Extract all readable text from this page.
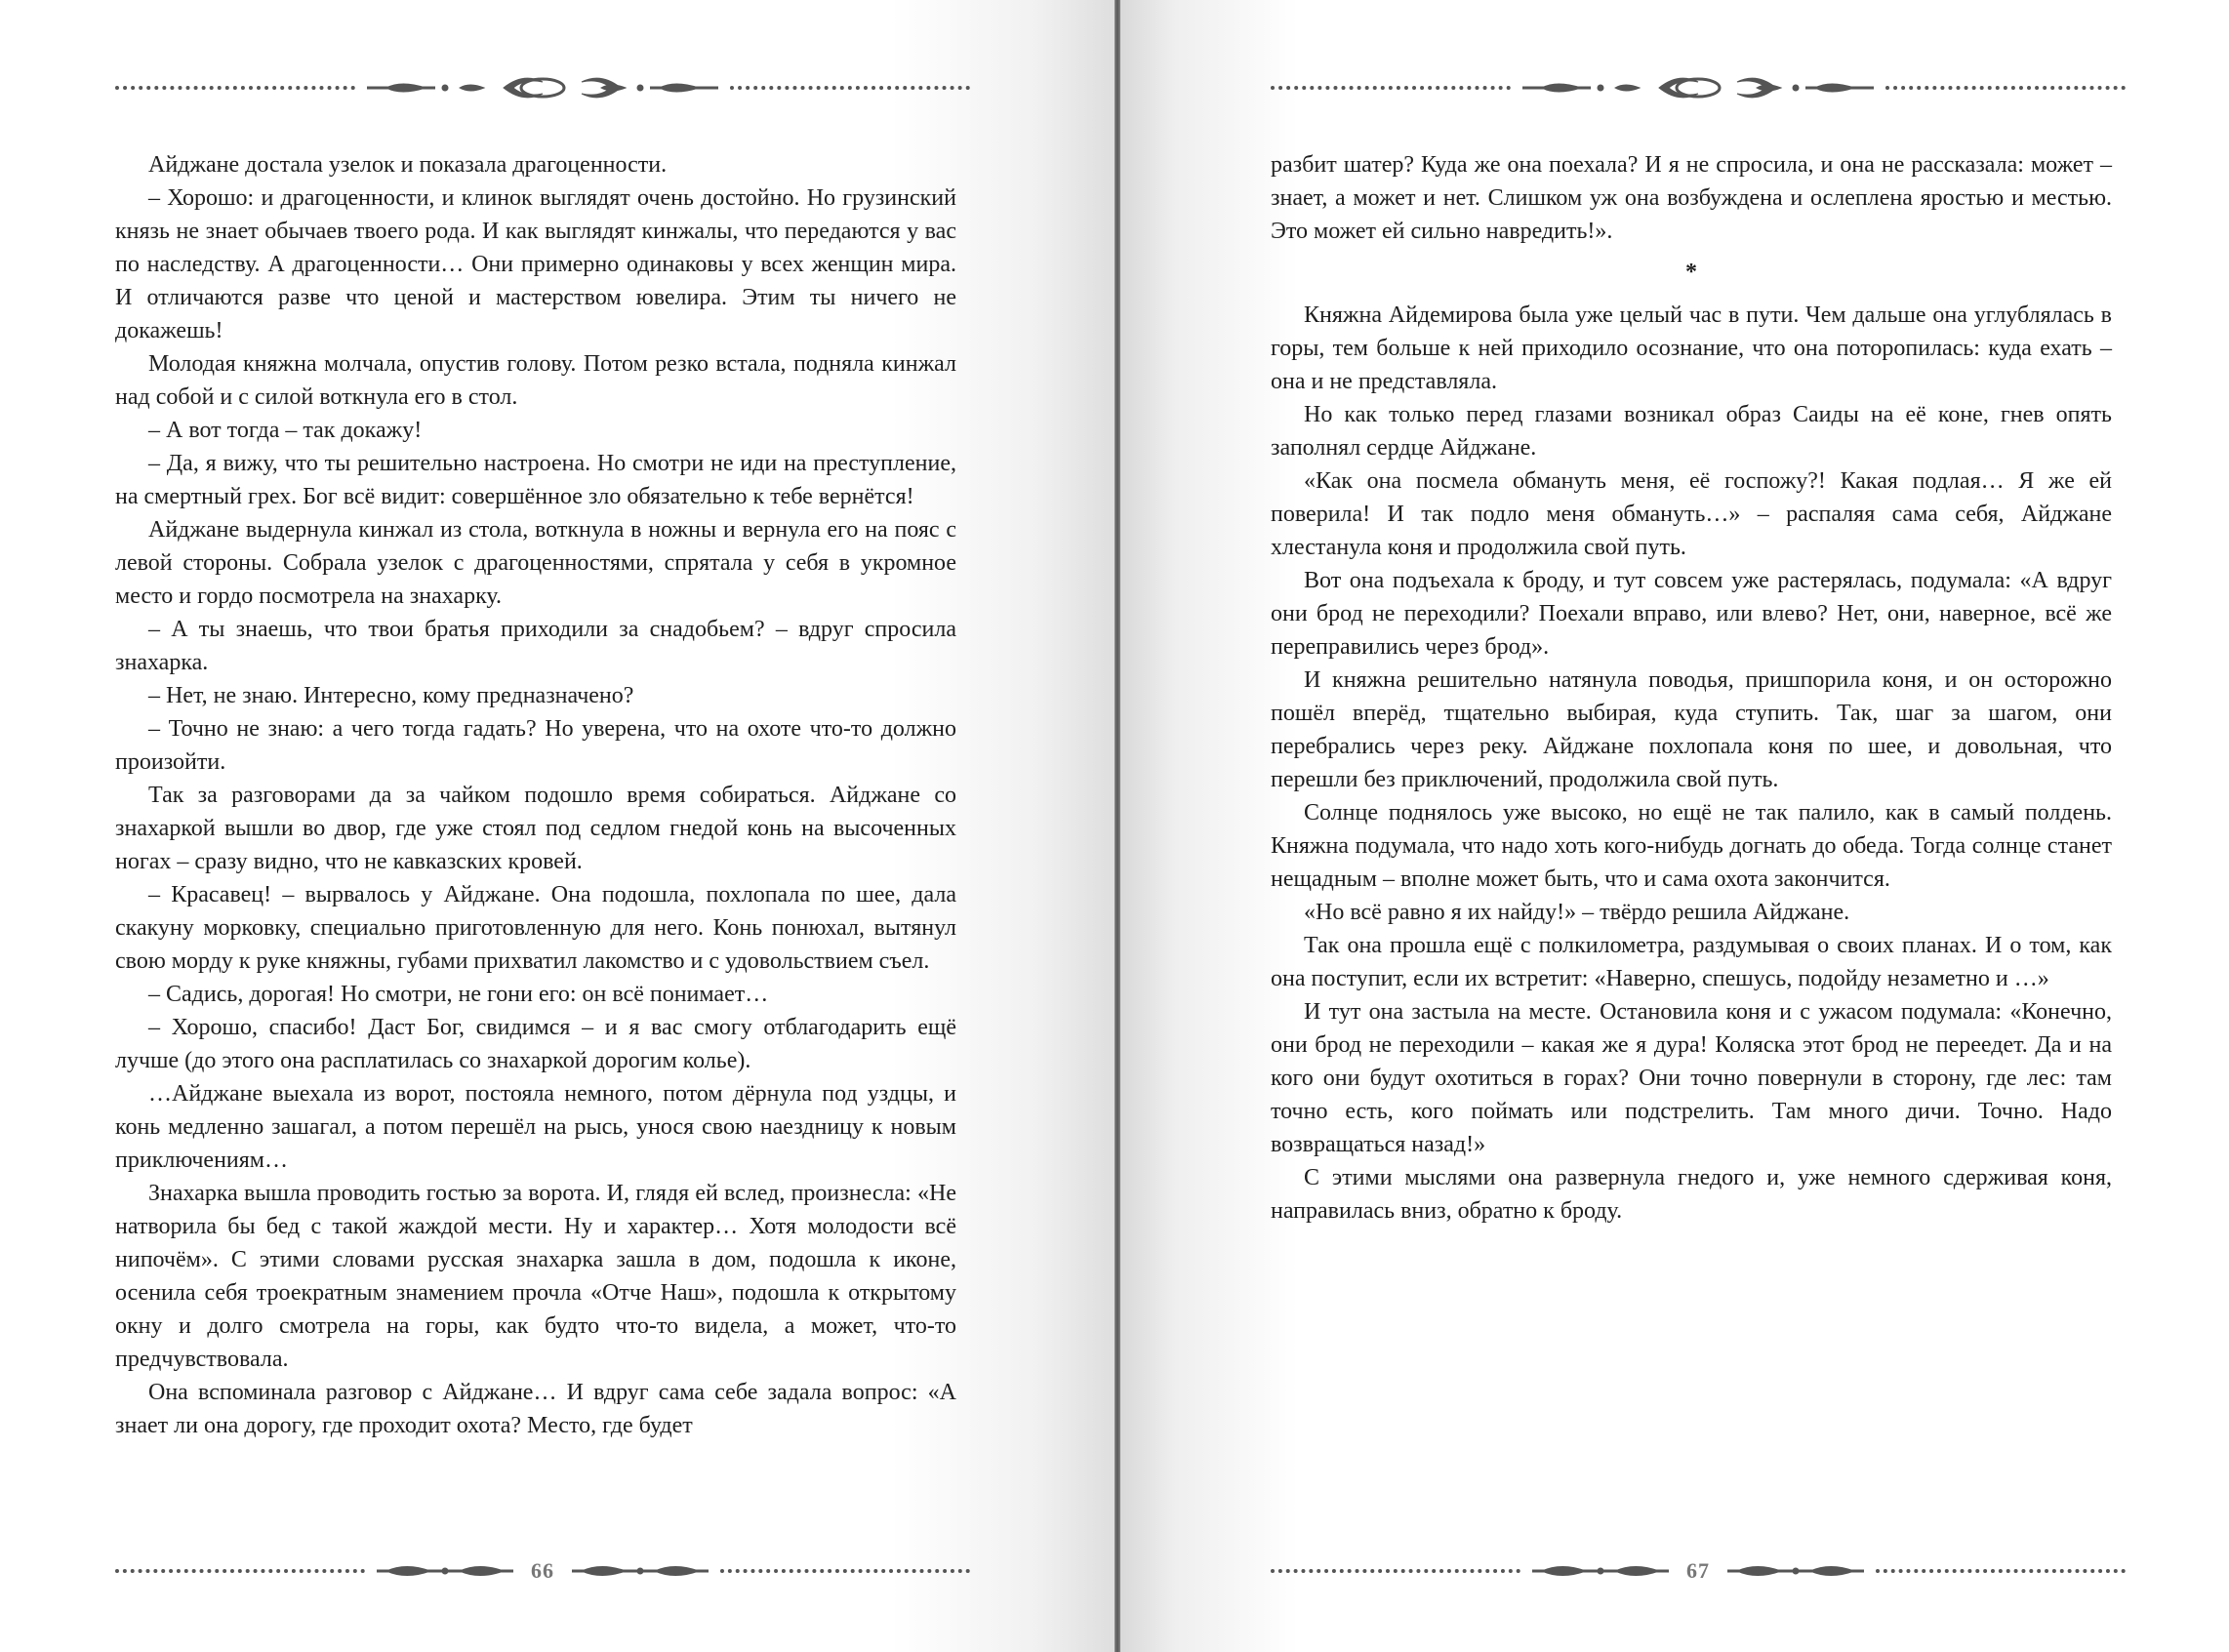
Айджане достала узелок и показала драгоценности.

– Хорошо: и драгоценности, и клинок выглядят очень достойно. Но грузинский князь не знает обычаев твоего рода. И как выглядят кинжалы, что передаются у вас по наследству. А драгоценности… Они примерно одинаковы у всех женщин мира. И отличаются разве что ценой и мастерством ювелира. Этим ты ничего не докажешь!

Молодая княжна молчала, опустив голову. Потом резко встала, подняла кинжал над собой и с силой воткнула его в стол.

– А вот тогда – так докажу!

– Да, я вижу, что ты решительно настроена. Но смотри не иди на преступление, на смертный грех. Бог всё видит: совершённое зло обязательно к тебе вернётся!

Айджане выдернула кинжал из стола, воткнула в ножны и вернула его на пояс с левой стороны. Собрала узелок с драгоценностями, спрятала у себя в укромное место и гордо посмотрела на знахарку.

– А ты знаешь, что твои братья приходили за снадобьем? – вдруг спросила знахарка.

– Нет, не знаю. Интересно, кому предназначено?

– Точно не знаю: а чего тогда гадать? Но уверена, что на охоте что-то должно произойти.

Так за разговорами да за чайком подошло время собираться. Айджане со знахаркой вышли во двор, где уже стоял под седлом гнедой конь на высоченных ногах – сразу видно, что не кавказских кровей.

– Красавец! – вырвалось у Айджане. Она подошла, похлопала по шее, дала скакуну морковку, специально приготовленную для него. Конь понюхал, вытянул свою морду к руке княжны, губами прихватил лакомство и с удовольствием съел.

– Садись, дорогая! Но смотри, не гони его: он всё понимает…

– Хорошо, спасибо! Даст Бог, свидимся – и я вас смогу отблагодарить ещё лучше (до этого она расплатилась со знахаркой дорогим колье).

…Айджане выехала из ворот, постояла немного, потом дёрнула под уздцы, и конь медленно зашагал, а потом перешёл на рысь, унося свою наездницу к новым приключениям…

Знахарка вышла проводить гостью за ворота. И, глядя ей вслед, произнесла: «Не натворила бы бед с такой жаждой мести. Ну и характер… Хотя молодости всё нипочём». С этими словами русская знахарка зашла в дом, подошла к иконе, осенила себя троекратным знамением прочла «Отче Наш», подошла к открытому окну и долго смотрела на горы, как будто что-то видела, а может, что-то предчувствовала.

Она вспоминала разговор с Айджане… И вдруг сама себе задала вопрос: «А знает ли она дорогу, где проходит охота? Место, где будет

66	67

разбит шатер? Куда же она поехала? И я не спросила, и она не рассказала: может – знает, а может и нет. Слишком уж она возбуждена и ослеплена яростью и местью. Это может ей сильно навредить!».

*

Княжна Айдемирова была уже целый час в пути. Чем дальше она углублялась в горы, тем больше к ней приходило осознание, что она поторопилась: куда ехать – она и не представляла.

Но как только перед глазами возникал образ Саиды на её коне, гнев опять заполнял сердце Айджане.

«Как она посмела обмануть меня, её госпожу?! Какая подлая… Я же ей поверила! И так подло меня обмануть…» – распаляя сама себя, Айджане хлестанула коня и продолжила свой путь.

Вот она подъехала к броду, и тут совсем уже растерялась, подумала: «А вдруг они брод не переходили? Поехали вправо, или влево? Нет, они, наверное, всё же переправились через брод».

И княжна решительно натянула поводья, пришпорила коня, и он осторожно пошёл вперёд, тщательно выбирая, куда ступить. Так, шаг за шагом, они перебрались через реку. Айджане похлопала коня по шее, и довольная, что перешли без приключений, продолжила свой путь.

Солнце поднялось уже высоко, но ещё не так палило, как в самый полдень. Княжна подумала, что надо хоть кого-нибудь догнать до обеда. Тогда солнце станет нещадным – вполне может быть, что и сама охота закончится.

«Но всё равно я их найду!» – твёрдо решила Айджане.

Так она прошла ещё с полкилометра, раздумывая о своих планах. И о том, как она поступит, если их встретит: «Наверно, спешусь, подойду незаметно и …»

И тут она застыла на месте. Остановила коня и с ужасом подумала: «Конечно, они брод не переходили – какая же я дура! Коляска этот брод не переедет. Да и на кого они будут охотиться в горах? Они точно повернули в сторону, где лес: там точно есть, кого поймать или подстрелить. Там много дичи. Точно. Надо возвращаться назад!»

С этими мыслями она развернула гнедого и, уже немного сдерживая коня, направилась вниз, обратно к броду.
